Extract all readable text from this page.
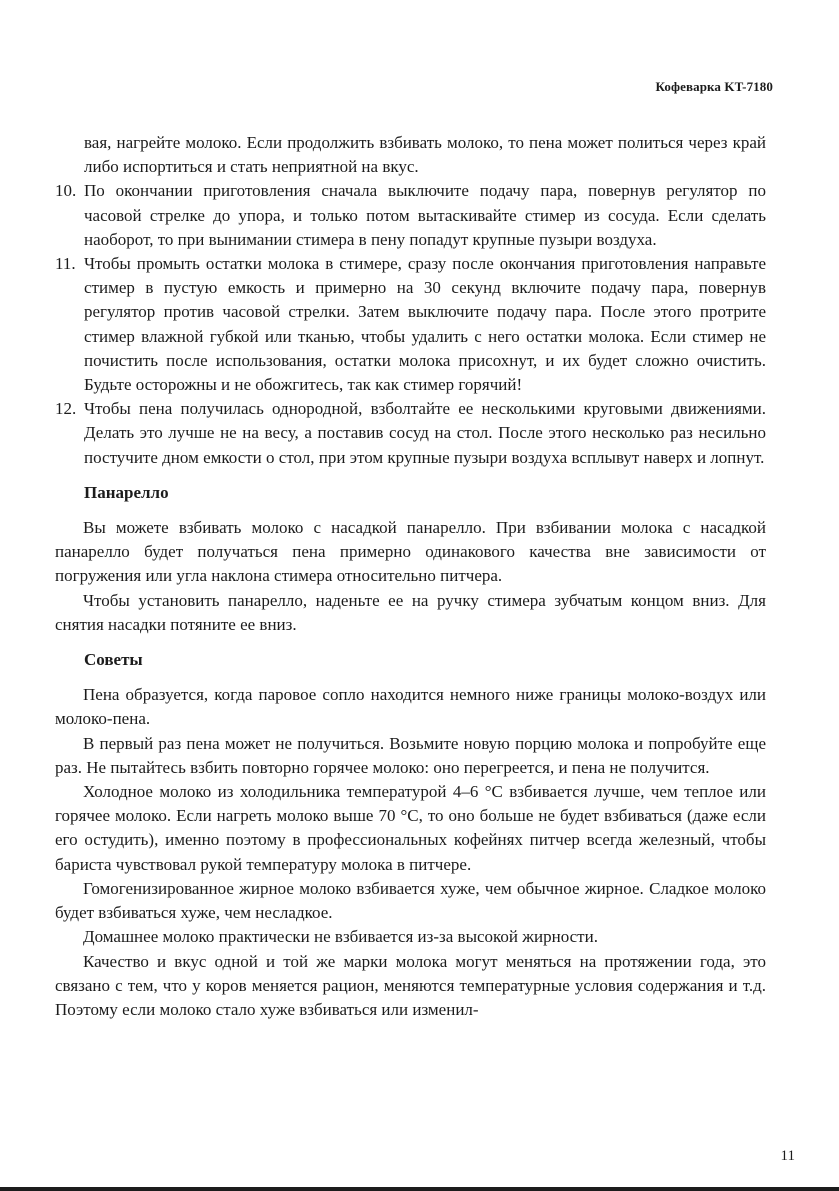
Кофеварка KT-7180

вая, нагрейте молоко. Если продолжить взбивать молоко, то пена может политься через край либо испортиться и стать неприятной на вкус.

10. По окончании приготовления сначала выключите подачу пара, повернув регулятор по часовой стрелке до упора, и только потом вытаскивайте стимер из сосуда. Если сделать наоборот, то при вынимании стимера в пену попадут крупные пузыри воздуха.
11. Чтобы промыть остатки молока в стимере, сразу после окончания приготовления направьте стимер в пустую емкость и примерно на 30 секунд включите подачу пара, повернув регулятор против часовой стрелки. Затем выключите подачу пара. После этого протрите стимер влажной губкой или тканью, чтобы удалить с него остатки молока. Если стимер не почистить после использования, остатки молока присохнут, и их будет сложно очистить. Будьте осторожны и не обожгитесь, так как стимер горячий!
12. Чтобы пена получилась однородной, взболтайте ее несколькими круговыми движениями. Делать это лучше не на весу, а поставив сосуд на стол. После этого несколько раз несильно постучите дном емкости о стол, при этом крупные пузыри воздуха всплывут наверх и лопнут.
Панарелло

Вы можете взбивать молоко с насадкой панарелло. При взбивании молока с насадкой панарелло будет получаться пена примерно одинакового качества вне зависимости от погружения или угла наклона стимера относительно питчера.

Чтобы установить панарелло, наденьте ее на ручку стимера зубчатым концом вниз. Для снятия насадки потяните ее вниз.

Советы

Пена образуется, когда паровое сопло находится немного ниже границы молоко-воздух или молоко-пена.

В первый раз пена может не получиться. Возьмите новую порцию молока и попробуйте еще раз. Не пытайтесь взбить повторно горячее молоко: оно перегреется, и пена не получится.

Холодное молоко из холодильника температурой 4–6 °С взбивается лучше, чем теплое или горячее молоко. Если нагреть молоко выше 70 °С, то оно больше не будет взбиваться (даже если его остудить), именно поэтому в профессиональных кофейнях питчер всегда железный, чтобы бариста чувствовал рукой температуру молока в питчере.

Гомогенизированное жирное молоко взбивается хуже, чем обычное жирное. Сладкое молоко будет взбиваться хуже, чем несладкое.

Домашнее молоко практически не взбивается из-за высокой жирности.

Качество и вкус одной и той же марки молока могут меняться на протяжении года, это связано с тем, что у коров меняется рацион, меняются температурные условия содержания и т.д. Поэтому если молоко стало хуже взбиваться или изменил-

11
